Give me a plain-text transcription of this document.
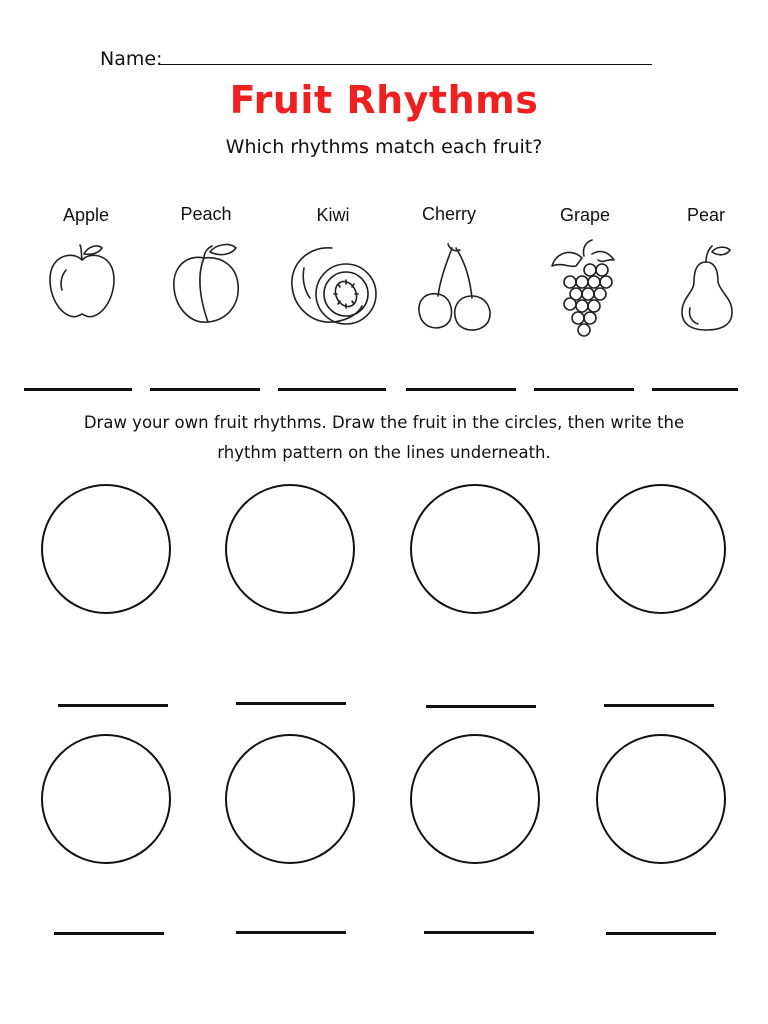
Name:
Fruit Rhythms
Which rhythms match each fruit?
Apple	Peach	Kiwi	Cherry	Grape	Pear
Draw your own fruit rhythms. Draw the fruit in the circles, then write the
rhythm pattern on the lines underneath.
